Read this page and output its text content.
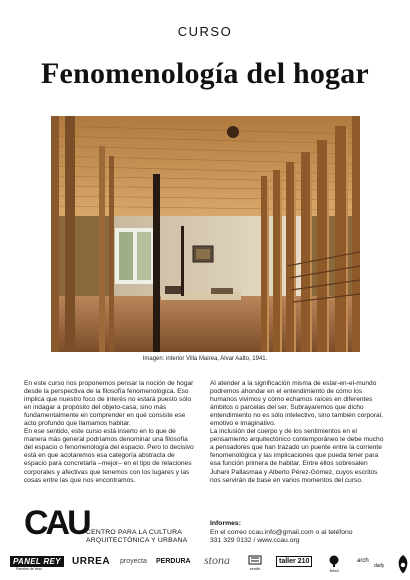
CURSO
Fenomenología del hogar
Imagen: interior Villa Mairea, Alvar Aalto, 1941.

En este curso nos proponemos pensar la noción de hogar desde la perspectiva de la filosofía fenomenológica. Eso implica que nuestro foco de interés no estará puesto sólo en indagar a propósito del objeto-casa, sino más fundamentalmente en comprender en qué consiste ese acto profundo que llamamos habitar.

En ese sentido, este curso está inserto en lo que de manera más general podríamos denominar una filosofía del espacio o fenomenología del espacio. Pero lo decisivo está en que acotaremos esa categoría abstracta de espacio para concretarla –mejor– en el tipo de relaciones corporales y afectivas que tenemos con los lugares y las cosas entre las que nos encontramos.

Al atender a la significación misma de estar-en-el-mundo podremos ahondar en el entendimiento de cómo los humanos vivimos y cómo echamos raíces en diferentes ámbitos o parcelas del ser. Subrayaremos que dicho entendimiento no es sólo intelectivo, sino también corporal, emotivo e imaginativo.

La inclusión del cuerpo y de los sentimientos en el pensamiento arquitectónico contemporáneo le debe mucho a pensadores que han trazado un puente entre la corriente fenomenológica y las implicaciones que pueda tener para esa función primera de habitar. Entre ellos sobresalen Juhani Pallasmaa y Alberto Pérez-Gómez, cuyos escritos nos servirán de base en varios momentos del curso.

CAU
CENTRO PARA LA CULTURA
ARQUITECTÓNICA Y URBANA
Informes:
En el correo ccau.info@gmail.com o al teléfono
331 329 0132 / www.ccau.org
PANEL REY
Paneles de Yeso
URREA proyecta PERDURA stona
zenith
taller 210
Árbol
arch
daily
